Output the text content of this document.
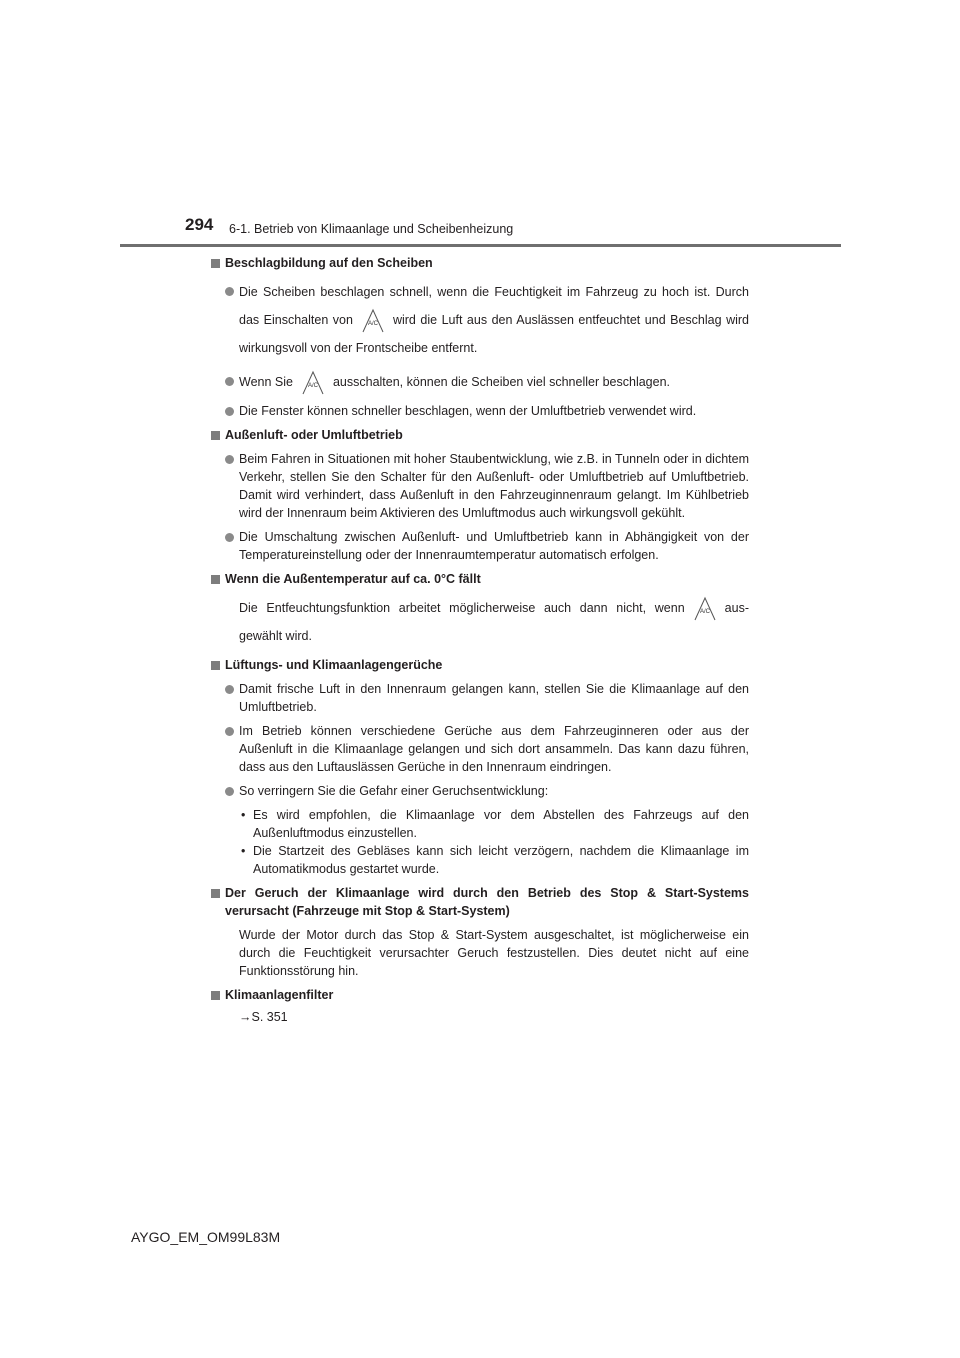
294 6-1. Betrieb von Klimaanlage und Scheibenheizung
Beschlagbildung auf den Scheiben
Die Scheiben beschlagen schnell, wenn die Feuchtigkeit im Fahrzeug zu hoch ist. Durch das Einschalten von A/C wird die Luft aus den Auslässen entfeuchtet und Beschlag wird wirkungsvoll von der Frontscheibe entfernt.
Wenn Sie A/C ausschalten, können die Scheiben viel schneller beschlagen.
Die Fenster können schneller beschlagen, wenn der Umluftbetrieb verwendet wird.
Außenluft- oder Umluftbetrieb
Beim Fahren in Situationen mit hoher Staubentwicklung, wie z.B. in Tunneln oder in dichtem Verkehr, stellen Sie den Schalter für den Außenluft- oder Umluftbetrieb auf Umluftbetrieb. Damit wird verhindert, dass Außenluft in den Fahrzeuginnenraum gelangt. Im Kühlbetrieb wird der Innenraum beim Aktivieren des Umluftmodus auch wirkungsvoll gekühlt.
Die Umschaltung zwischen Außenluft- und Umluftbetrieb kann in Abhängigkeit von der Temperatureinstellung oder der Innenraumtemperatur automatisch erfolgen.
Wenn die Außentemperatur auf ca. 0°C fällt
Die Entfeuchtungsfunktion arbeitet möglicherweise auch dann nicht, wenn A/C aus-gewählt wird.
Lüftungs- und Klimaanlagengerüche
Damit frische Luft in den Innenraum gelangen kann, stellen Sie die Klimaanlage auf den Umluftbetrieb.
Im Betrieb können verschiedene Gerüche aus dem Fahrzeuginneren oder aus der Außenluft in die Klimaanlage gelangen und sich dort ansammeln. Das kann dazu führen, dass aus den Luftauslässen Gerüche in den Innenraum eindringen.
So verringern Sie die Gefahr einer Geruchsentwicklung:
• Es wird empfohlen, die Klimaanlage vor dem Abstellen des Fahrzeugs auf den Außenluftmodus einzustellen.
• Die Startzeit des Gebläses kann sich leicht verzögern, nachdem die Klimaanlage im Automatikmodus gestartet wurde.
Der Geruch der Klimaanlage wird durch den Betrieb des Stop & Start-Systems verursacht (Fahrzeuge mit Stop & Start-System)
Wurde der Motor durch das Stop & Start-System ausgeschaltet, ist möglicherweise ein durch die Feuchtigkeit verursachter Geruch festzustellen. Dies deutet nicht auf eine Funktionsstörung hin.
Klimaanlagenfilter
→S. 351
AYGO_EM_OM99L83M
